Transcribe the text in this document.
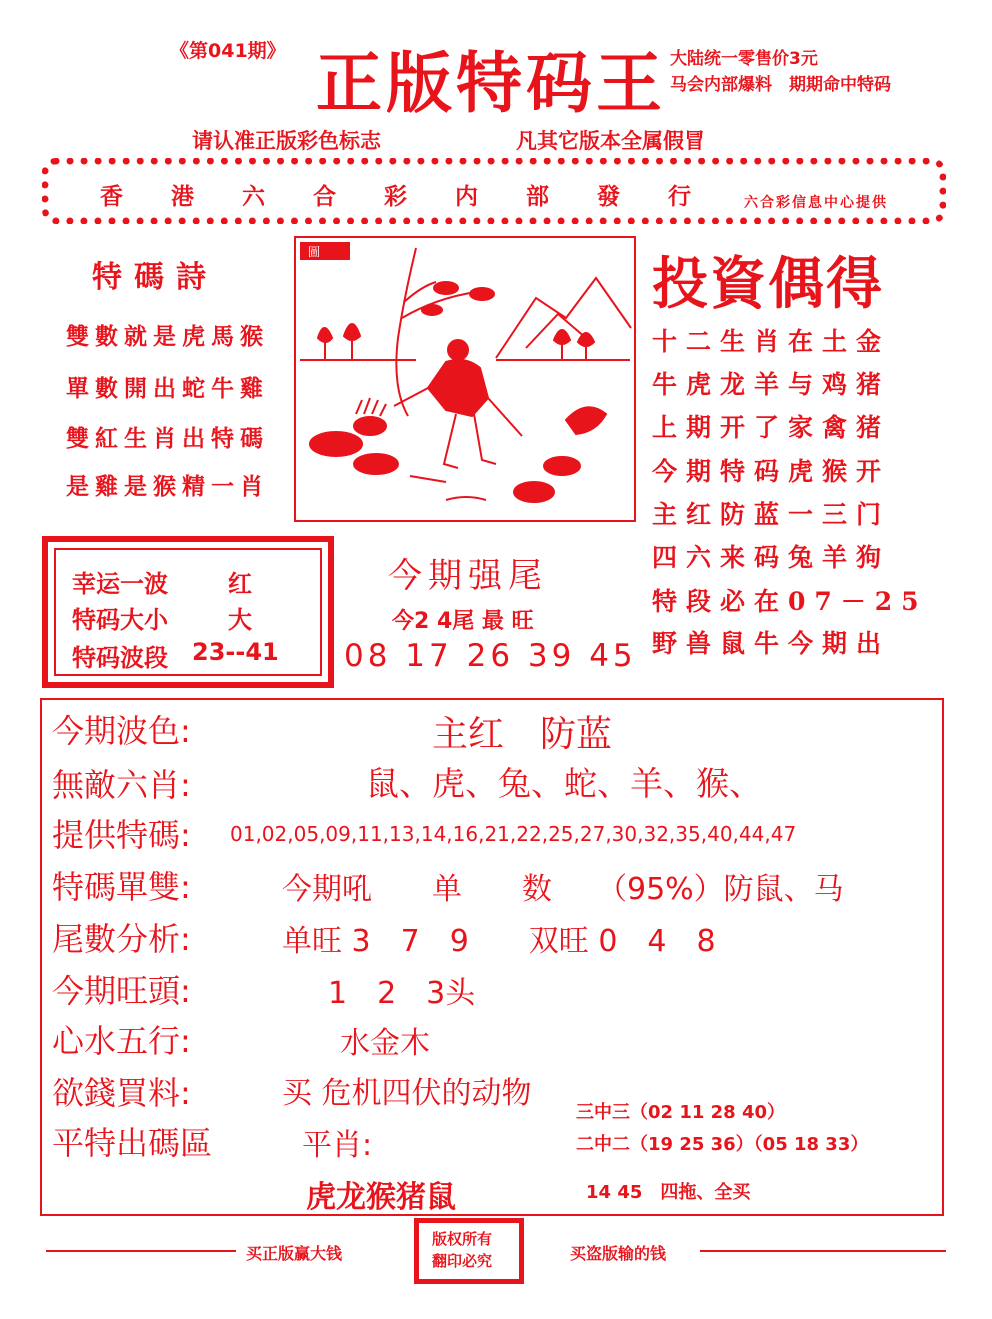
《第041期》 正版特码王 大陆统一零售价3元
马会内部爆料　期期命中特码
请认准正版彩色标志	凡其它版本全属假冒
香港六合彩内部發行 六合彩信息中心提供
特碼詩
雙數就是虎馬猴
單數開出蛇牛雞
雙紅生肖出特碼
是雞是猴精一肖
圖	投資偶得
十二生肖在土金
牛虎龙羊与鸡猪
上期开了家禽猪
今期特码虎猴开
主红防蓝一三门
四六来码兔羊狗
特段必在07－25
野兽鼠牛今期出
幸运一波	红
特码大小	大
特码波段 23--41
今期强尾
今2 4尾 最 旺
08 17 26 39 45
今期波色:	主红　防蓝
無敵六肖:	鼠、虎、兔、蛇、羊、猴、
提供特碼: 01,02,05,09,11,13,14,16,21,22,25,27,30,32,35,40,44,47
特碼單雙:	今期吼　　单　　数　　（95%）防鼠、马
尾數分析:	单旺 3　7　9　　双旺 0　4　8
今期旺頭:	1　2　3头
心水五行:	水金木
欲錢買料:	买 危机四伏的动物
平特出碼區	平肖:
虎龙猴猪鼠
三中三（02 11 28 40）
二中二（19 25 36）（05 18 33）
14 45　四拖、全买
买正版赢大钱
版权所有
翻印必究	买盗版输的钱
